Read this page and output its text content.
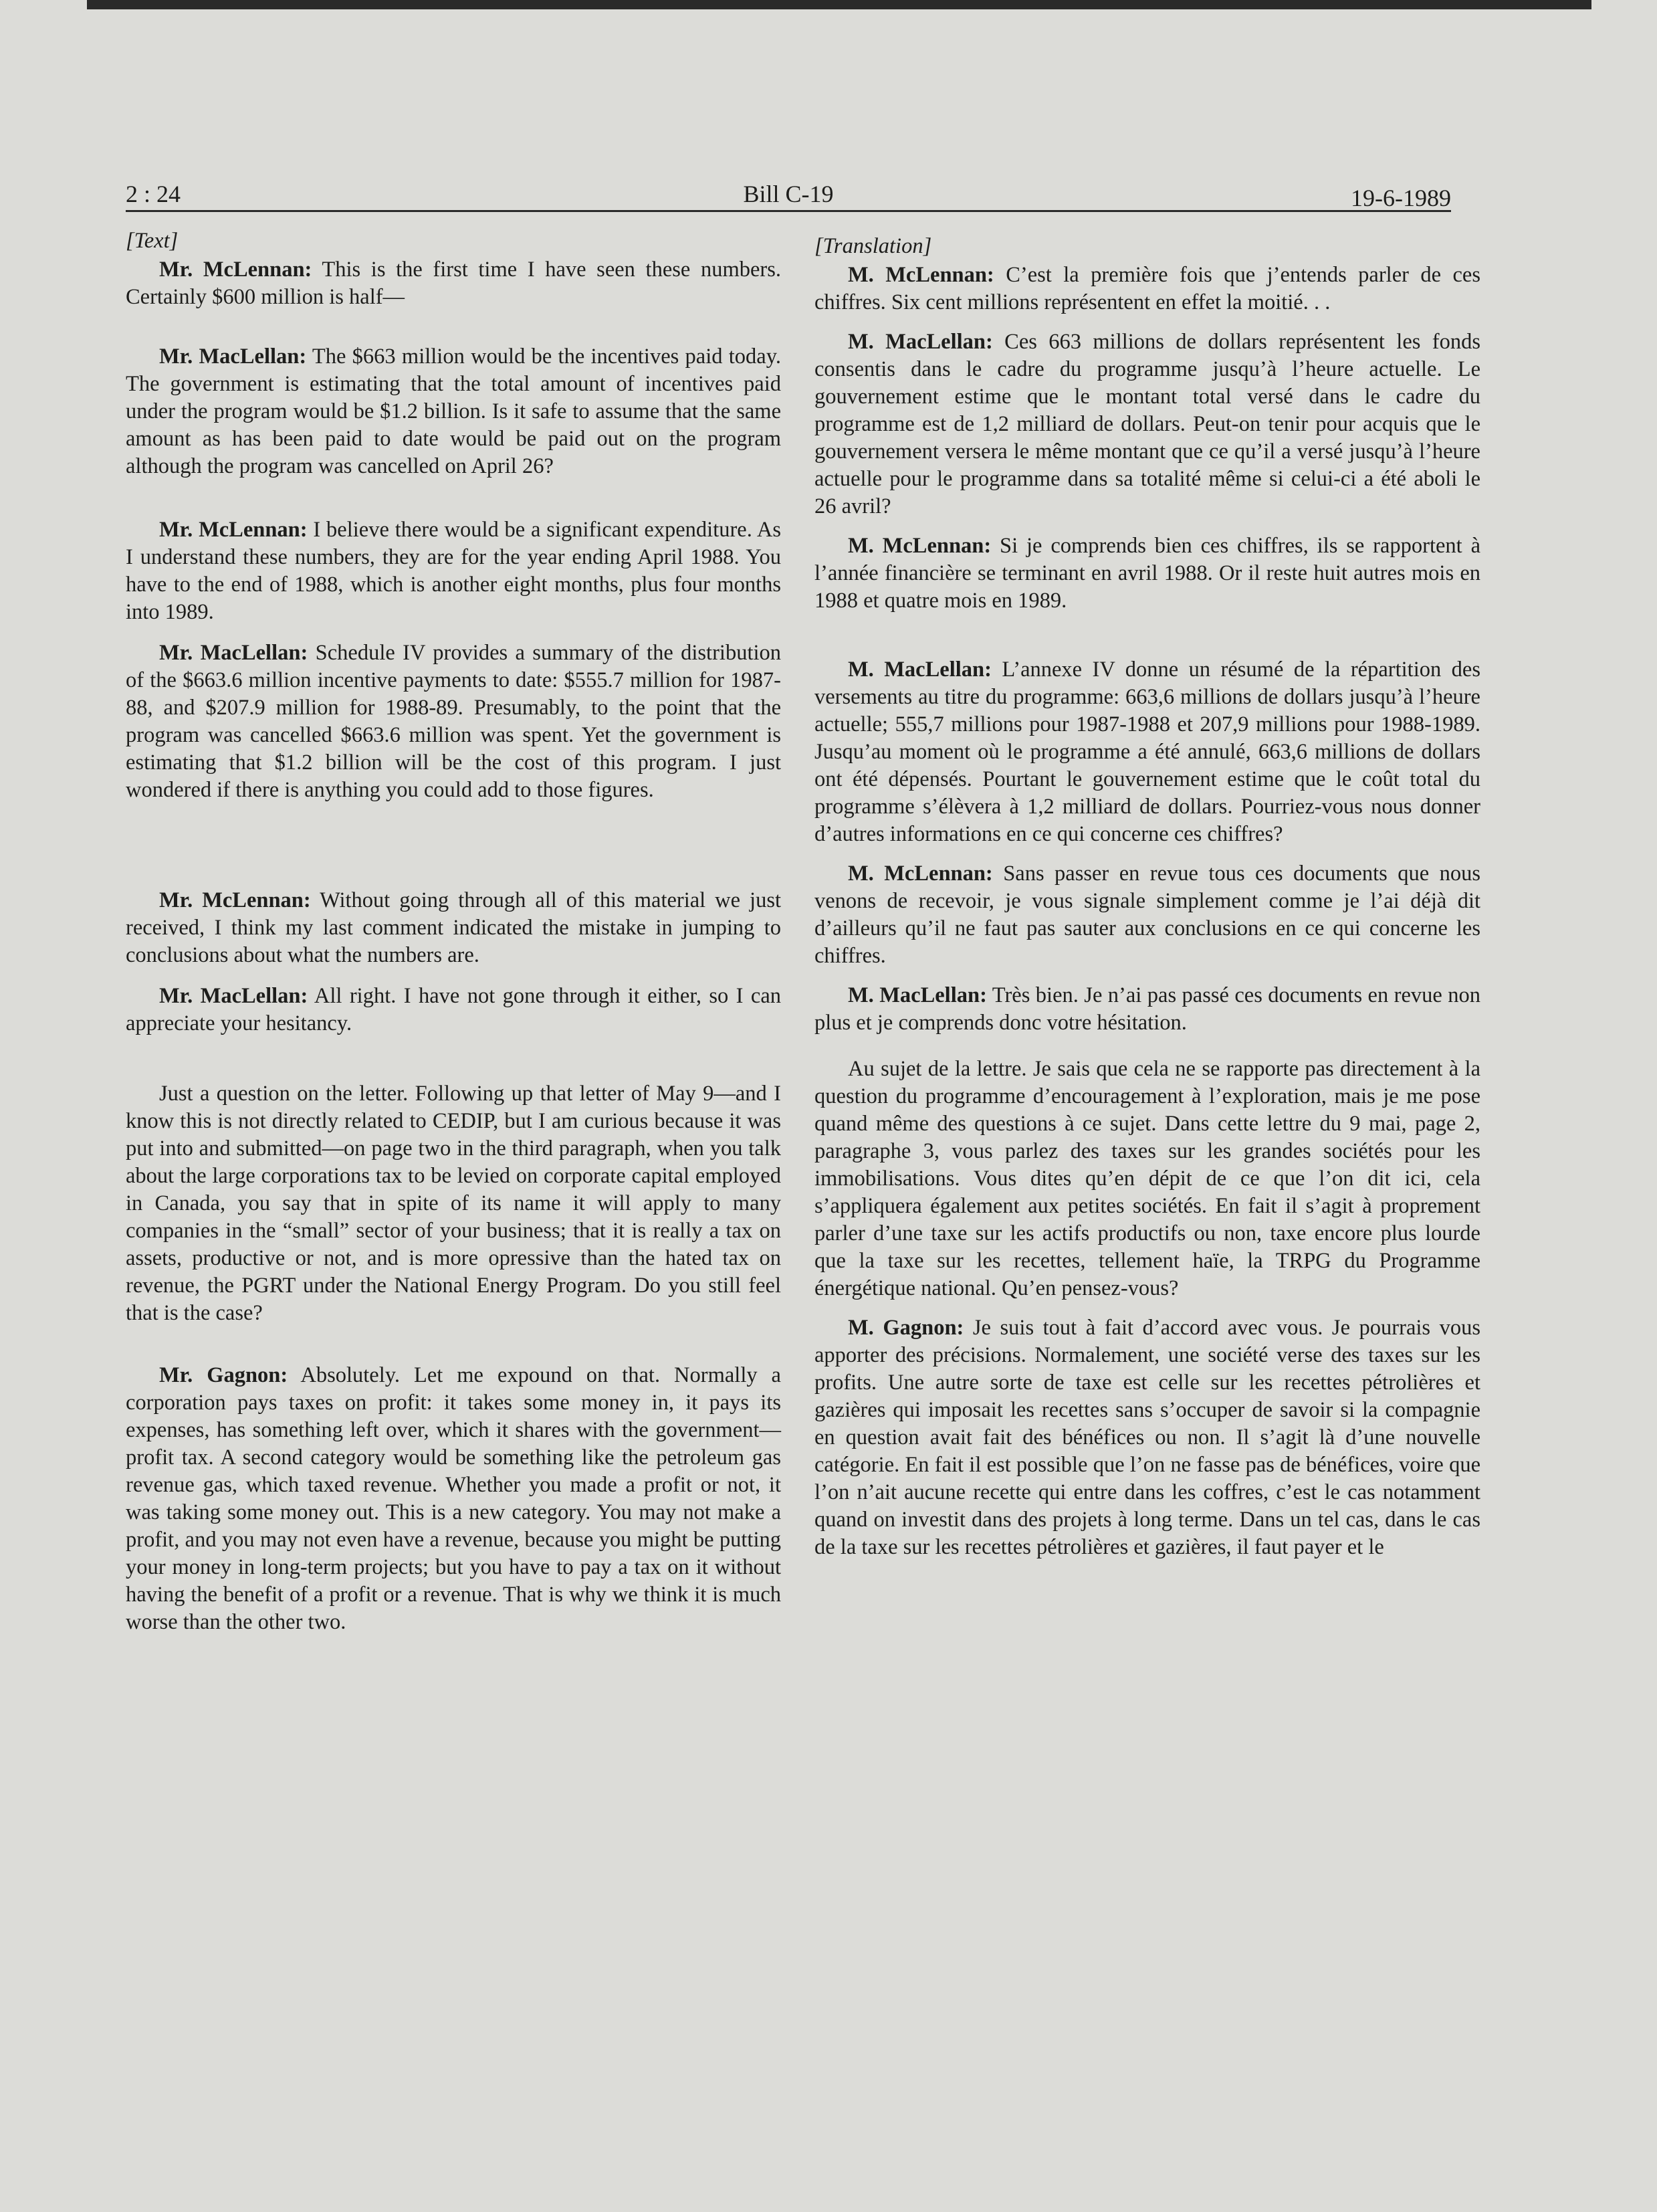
2 : 24	Bill C-19	19-6-1989
[Text]

Mr. McLennan: This is the first time I have seen these numbers. Certainly $600 million is half—

Mr. MacLellan: The $663 million would be the incentives paid today. The government is estimating that the total amount of incentives paid under the program would be $1.2 billion. Is it safe to assume that the same amount as has been paid to date would be paid out on the program although the program was cancelled on April 26?

Mr. McLennan: I believe there would be a significant expenditure. As I understand these numbers, they are for the year ending April 1988. You have to the end of 1988, which is another eight months, plus four months into 1989.

Mr. MacLellan: Schedule IV provides a summary of the distribution of the $663.6 million incentive payments to date: $555.7 million for 1987-88, and $207.9 million for 1988-89. Presumably, to the point that the program was cancelled $663.6 million was spent. Yet the government is estimating that $1.2 billion will be the cost of this program. I just wondered if there is anything you could add to those figures.

Mr. McLennan: Without going through all of this material we just received, I think my last comment indicated the mistake in jumping to conclusions about what the numbers are.

Mr. MacLellan: All right. I have not gone through it either, so I can appreciate your hesitancy.

Just a question on the letter. Following up that letter of May 9—and I know this is not directly related to CEDIP, but I am curious because it was put into and submitted—on page two in the third paragraph, when you talk about the large corporations tax to be levied on corporate capital employed in Canada, you say that in spite of its name it will apply to many companies in the “small” sector of your business; that it is really a tax on assets, productive or not, and is more opressive than the hated tax on revenue, the PGRT under the National Energy Program. Do you still feel that is the case?

Mr. Gagnon: Absolutely. Let me expound on that. Normally a corporation pays taxes on profit: it takes some money in, it pays its expenses, has something left over, which it shares with the government—profit tax. A second category would be something like the petroleum gas revenue gas, which taxed revenue. Whether you made a profit or not, it was taking some money out. This is a new category. You may not make a profit, and you may not even have a revenue, because you might be putting your money in long-term projects; but you have to pay a tax on it without having the benefit of a profit or a revenue. That is why we think it is much worse than the other two.

[Translation]

M. McLennan: C’est la première fois que j’entends parler de ces chiffres. Six cent millions représentent en effet la moitié. . .

M. MacLellan: Ces 663 millions de dollars représentent les fonds consentis dans le cadre du programme jusqu’à l’heure actuelle. Le gouvernement estime que le montant total versé dans le cadre du programme est de 1,2 milliard de dollars. Peut-on tenir pour acquis que le gouvernement versera le même montant que ce qu’il a versé jusqu’à l’heure actuelle pour le programme dans sa totalité même si celui-ci a été aboli le 26 avril?

M. McLennan: Si je comprends bien ces chiffres, ils se rapportent à l’année financière se terminant en avril 1988. Or il reste huit autres mois en 1988 et quatre mois en 1989.

M. MacLellan: L’annexe IV donne un résumé de la répartition des versements au titre du programme: 663,6 millions de dollars jusqu’à l’heure actuelle; 555,7 millions pour 1987-1988 et 207,9 millions pour 1988-1989. Jusqu’au moment où le programme a été annulé, 663,6 millions de dollars ont été dépensés. Pourtant le gouvernement estime que le coût total du programme s’élèvera à 1,2 milliard de dollars. Pourriez-vous nous donner d’autres informations en ce qui concerne ces chiffres?

M. McLennan: Sans passer en revue tous ces documents que nous venons de recevoir, je vous signale simplement comme je l’ai déjà dit d’ailleurs qu’il ne faut pas sauter aux conclusions en ce qui concerne les chiffres.

M. MacLellan: Très bien. Je n’ai pas passé ces documents en revue non plus et je comprends donc votre hésitation.

Au sujet de la lettre. Je sais que cela ne se rapporte pas directement à la question du programme d’encouragement à l’exploration, mais je me pose quand même des questions à ce sujet. Dans cette lettre du 9 mai, page 2, paragraphe 3, vous parlez des taxes sur les grandes sociétés pour les immobilisations. Vous dites qu’en dépit de ce que l’on dit ici, cela s’appliquera également aux petites sociétés. En fait il s’agit à proprement parler d’une taxe sur les actifs productifs ou non, taxe encore plus lourde que la taxe sur les recettes, tellement haïe, la TRPG du Programme énergétique national. Qu’en pensez-vous?

M. Gagnon: Je suis tout à fait d’accord avec vous. Je pourrais vous apporter des précisions. Normalement, une société verse des taxes sur les profits. Une autre sorte de taxe est celle sur les recettes pétrolières et gazières qui imposait les recettes sans s’occuper de savoir si la compagnie en question avait fait des bénéfices ou non. Il s’agit là d’une nouvelle catégorie. En fait il est possible que l’on ne fasse pas de bénéfices, voire que l’on n’ait aucune recette qui entre dans les coffres, c’est le cas notamment quand on investit dans des projets à long terme. Dans un tel cas, dans le cas de la taxe sur les recettes pétrolières et gazières, il faut payer et le
